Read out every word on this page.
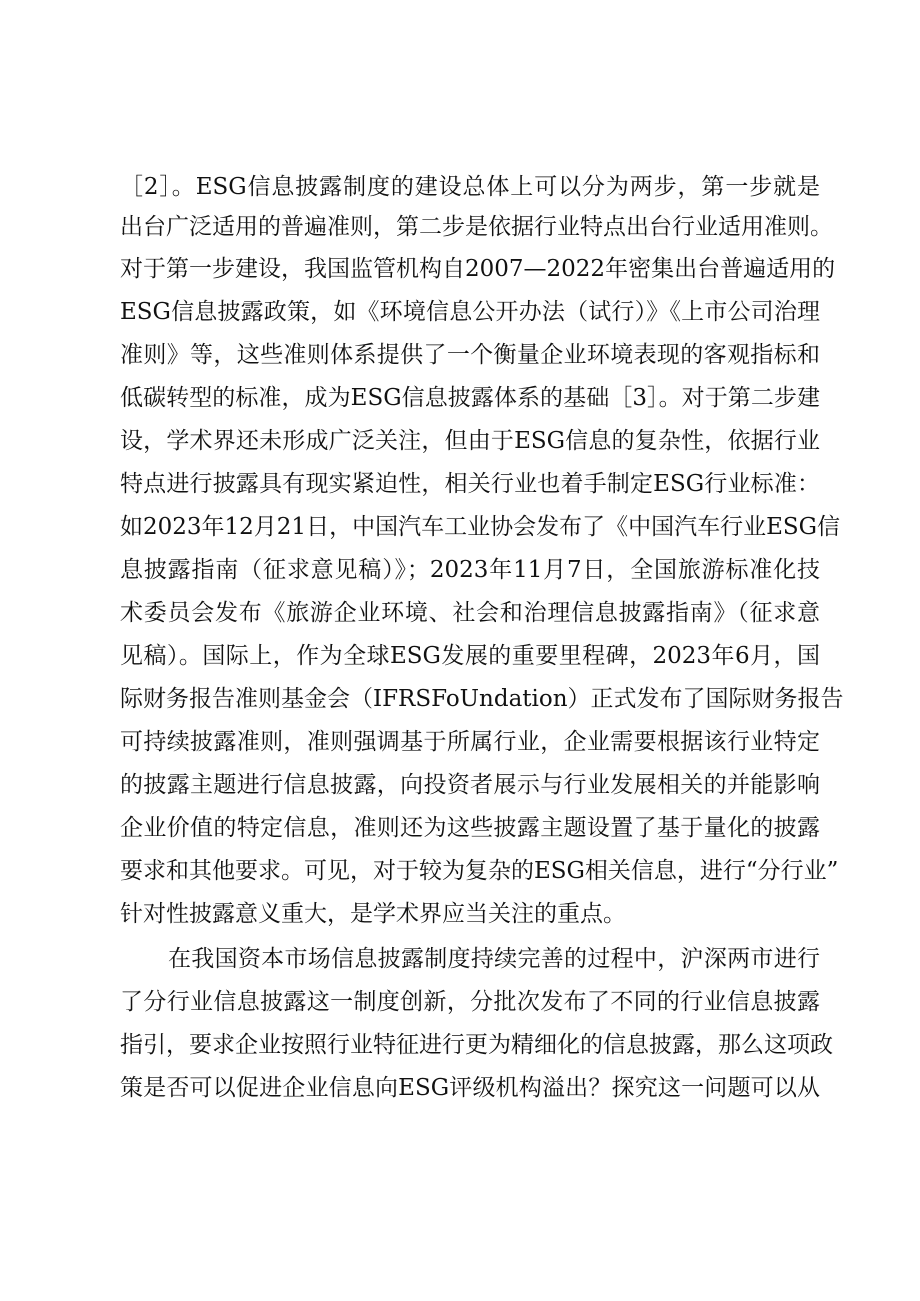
［2］。ESG信息披露制度的建设总体上可以分为两步，第一步就是
出台广泛适用的普遍准则，第二步是依据行业特点出台行业适用准则。
对于第一步建设，我国监管机构自2007—2022年密集出台普遍适用的
ESG信息披露政策，如《环境信息公开办法（试行）》《上市公司治理
准则》等，这些准则体系提供了一个衡量企业环境表现的客观指标和
低碳转型的标准，成为ESG信息披露体系的基础［3］。对于第二步建
设，学术界还未形成广泛关注，但由于ESG信息的复杂性，依据行业
特点进行披露具有现实紧迫性，相关行业也着手制定ESG行业标准：
如2023年12月21日，中国汽车工业协会发布了《中国汽车行业ESG信
息披露指南（征求意见稿）》；2023年11月7日，全国旅游标准化技
术委员会发布《旅游企业环境、社会和治理信息披露指南》（征求意
见稿）。国际上，作为全球ESG发展的重要里程碑，2023年6月，国
际财务报告准则基金会（IFRSFoUndation）正式发布了国际财务报告
可持续披露准则，准则强调基于所属行业，企业需要根据该行业特定
的披露主题进行信息披露，向投资者展示与行业发展相关的并能影响
企业价值的特定信息，准则还为这些披露主题设置了基于量化的披露
要求和其他要求。可见，对于较为复杂的ESG相关信息，进行“分行业”
针对性披露意义重大，是学术界应当关注的重点。
在我国资本市场信息披露制度持续完善的过程中，沪深两市进行
了分行业信息披露这一制度创新，分批次发布了不同的行业信息披露
指引，要求企业按照行业特征进行更为精细化的信息披露，那么这项政
策是否可以促进企业信息向ESG评级机构溢出？探究这一问题可以从
